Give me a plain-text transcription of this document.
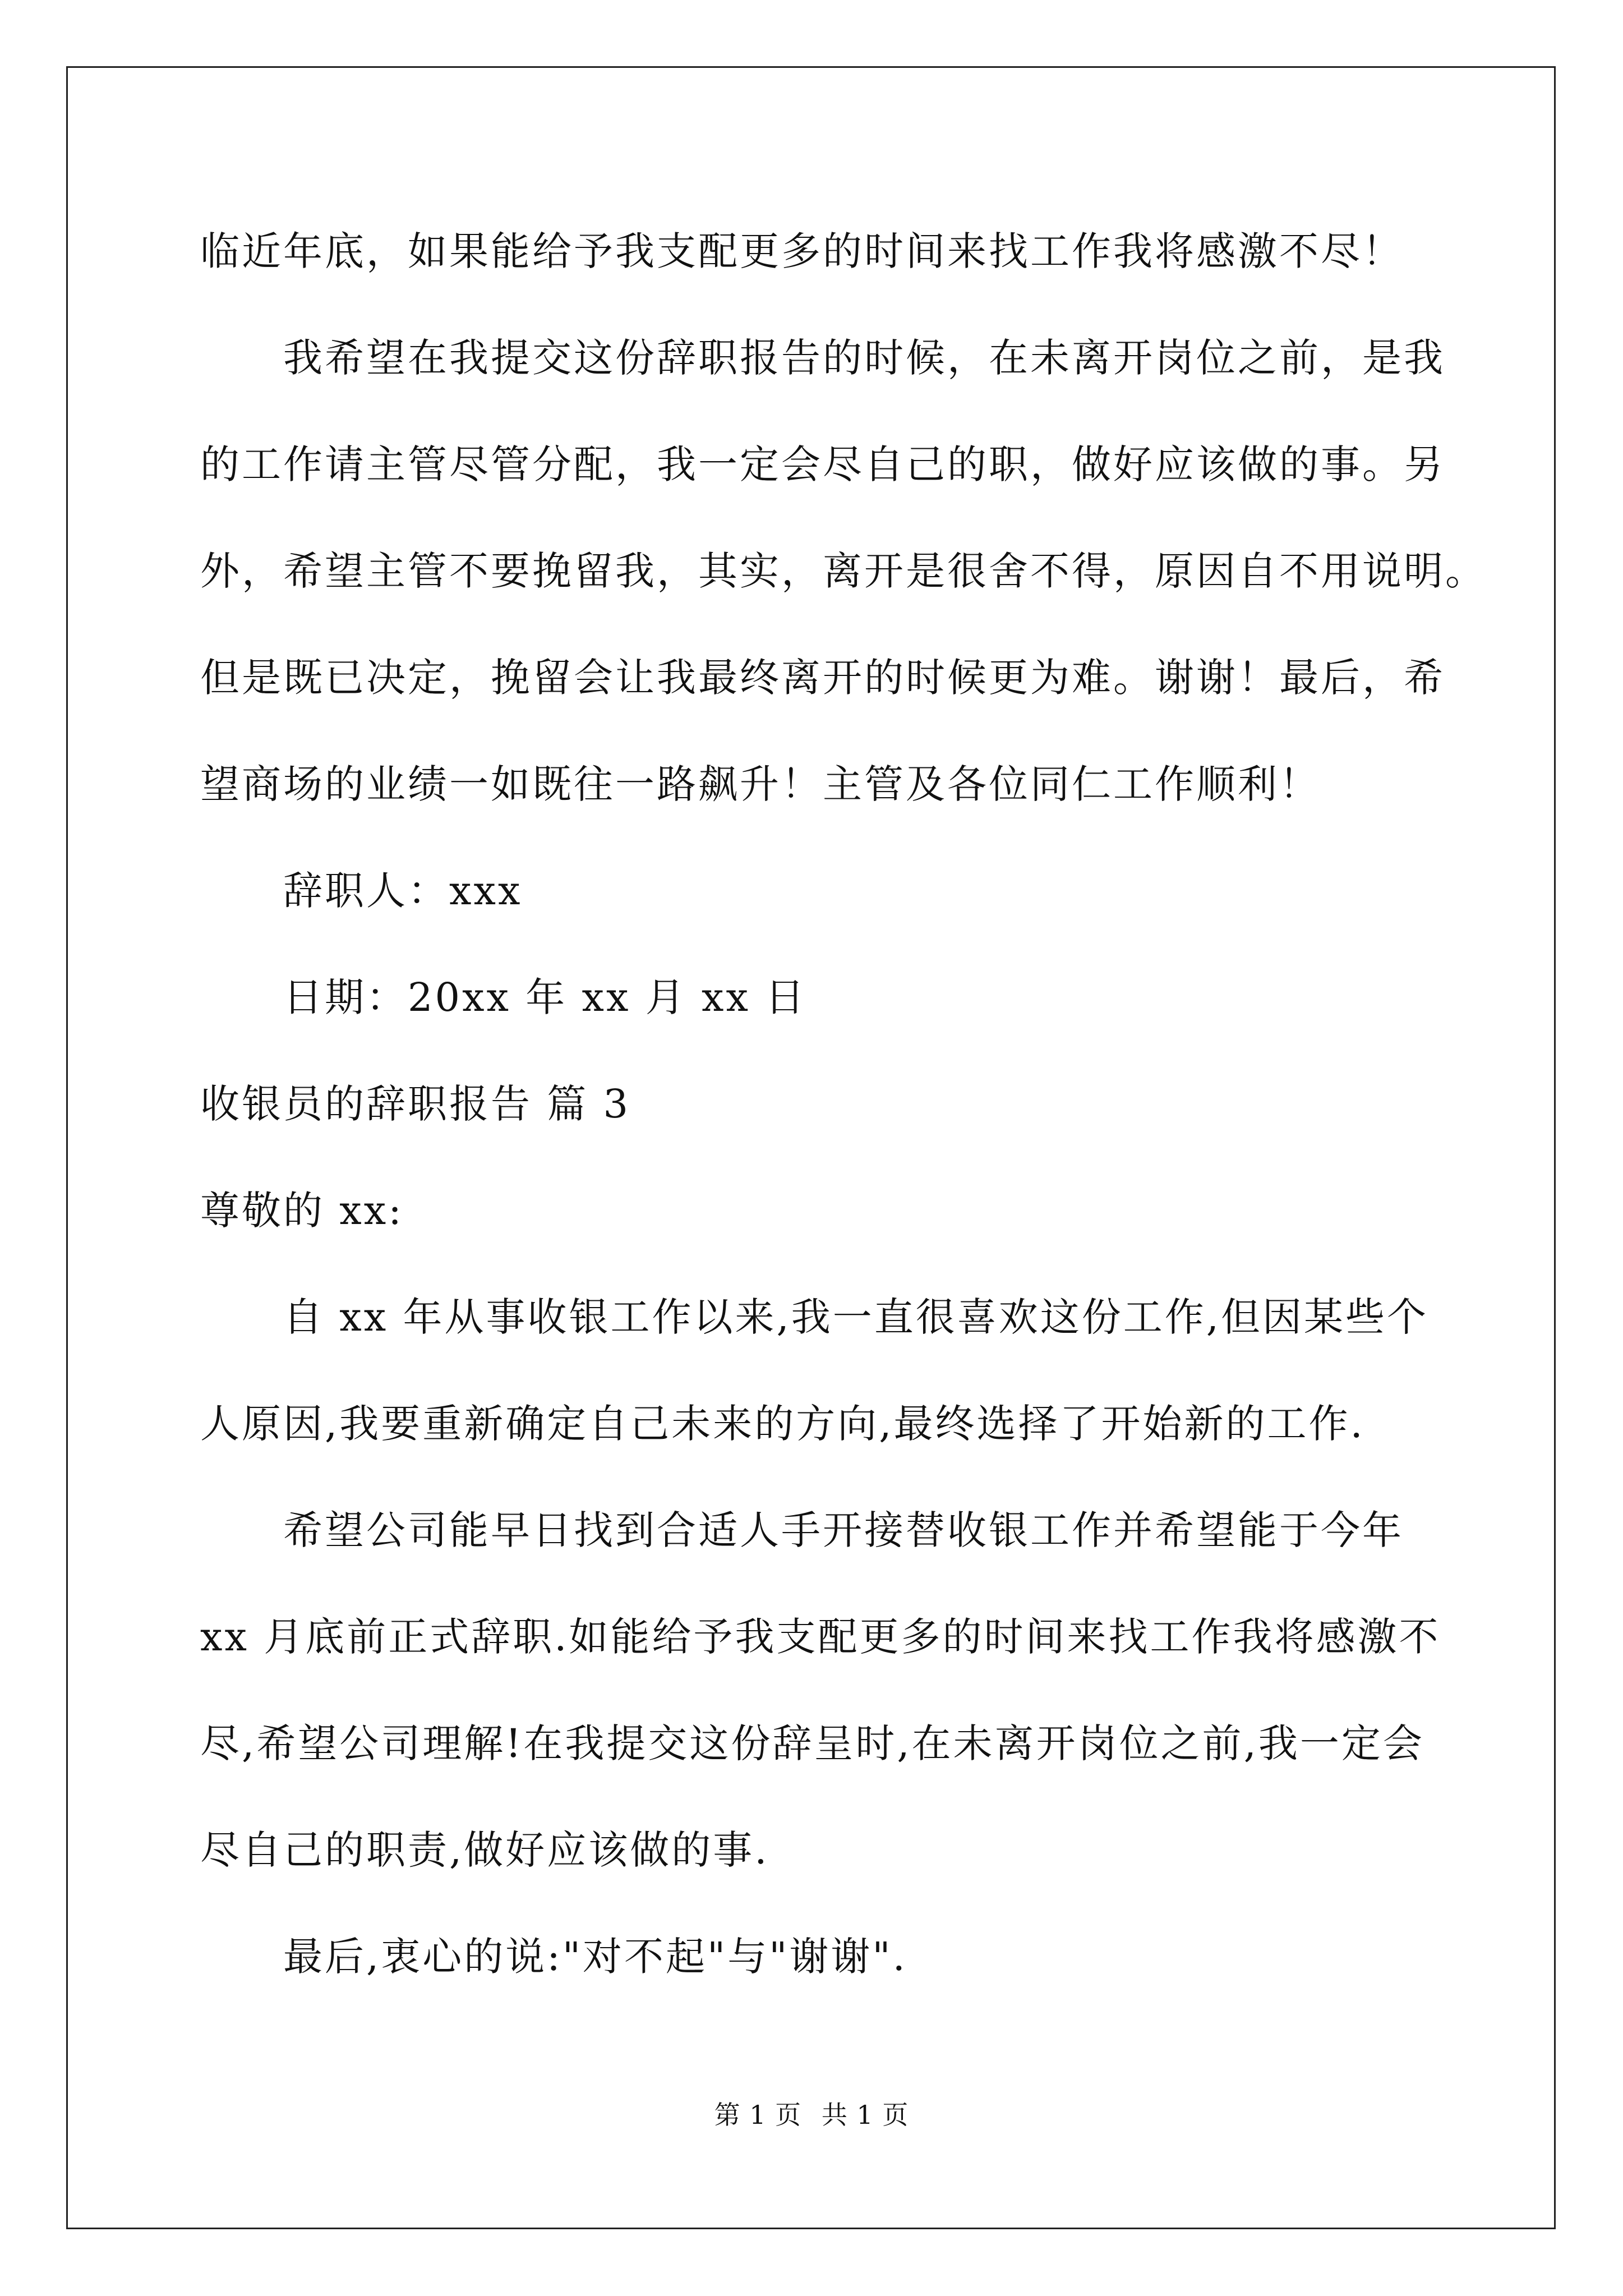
临近年底，如果能给予我支配更多的时间来找工作我将感激不尽！
我希望在我提交这份辞职报告的时候，在未离开岗位之前，是我
的工作请主管尽管分配，我一定会尽自己的职，做好应该做的事。另
外，希望主管不要挽留我，其实，离开是很舍不得，原因自不用说明。
但是既已决定，挽留会让我最终离开的时候更为难。谢谢！最后，希
望商场的业绩一如既往一路飙升！主管及各位同仁工作顺利！
辞职人：xxx
日期：20xx 年 xx 月 xx 日
收银员的辞职报告 篇 3
尊敬的 xx:
自 xx 年从事收银工作以来,我一直很喜欢这份工作,但因某些个
人原因,我要重新确定自己未来的方向,最终选择了开始新的工作.
希望公司能早日找到合适人手开接替收银工作并希望能于今年
xx 月底前正式辞职.如能给予我支配更多的时间来找工作我将感激不
尽,希望公司理解!在我提交这份辞呈时,在未离开岗位之前,我一定会
尽自己的职责,做好应该做的事.
最后,衷心的说:"对不起"与"谢谢".
第 1 页 共 1 页
